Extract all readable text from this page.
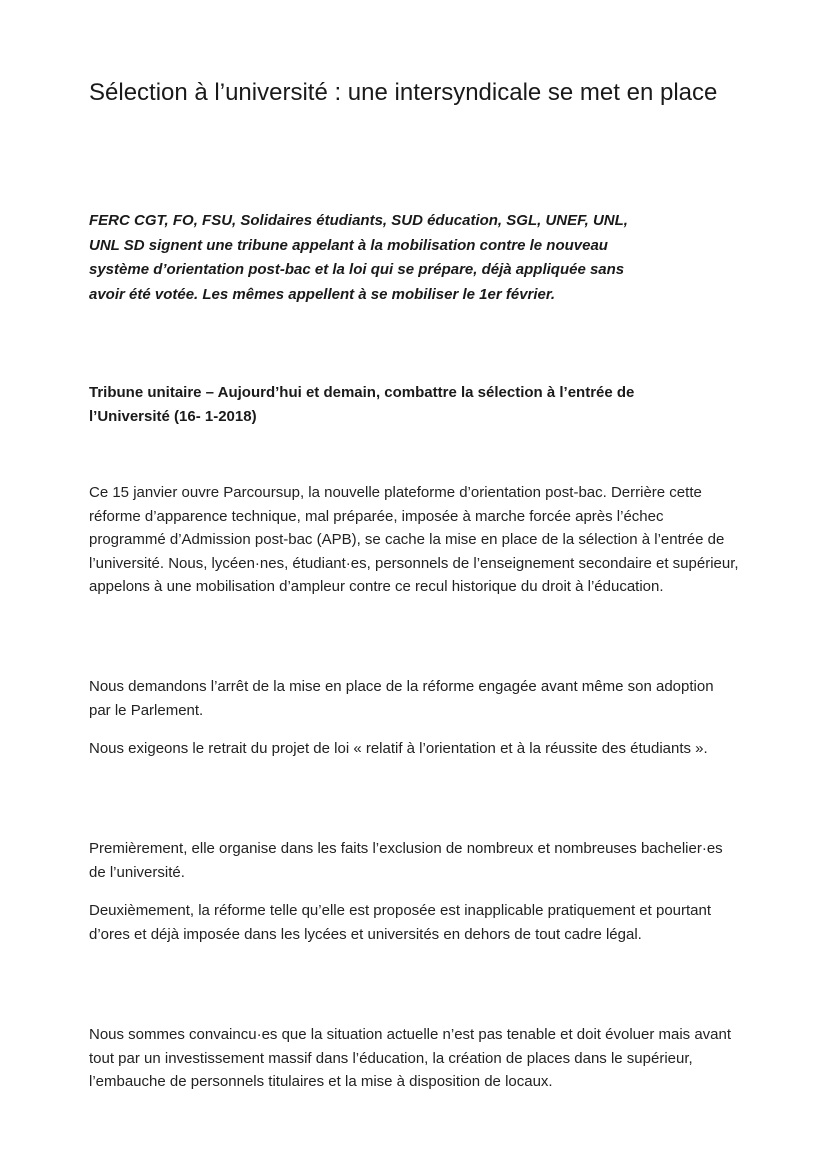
Sélection à l’université : une intersyndicale se met en place

FERC CGT, FO, FSU, Solidaires étudiants, SUD éducation, SGL, UNEF, UNL, UNL SD signent une tribune appelant à la mobilisation contre le nouveau système d’orientation post-bac et la loi qui se prépare, déjà appliquée sans avoir été votée. Les mêmes appellent à se mobiliser le 1er février.

Tribune unitaire – Aujourd’hui et demain, combattre la sélection à l’entrée de l’Université (16- 1-2018)

Ce 15 janvier ouvre Parcoursup, la nouvelle plateforme d’orientation post-bac. Derrière cette réforme d’apparence technique, mal préparée, imposée à marche forcée après l’échec programmé d’Admission post-bac (APB), se cache la mise en place de la sélection à l’entrée de l’université. Nous, lycéen·nes, étudiant·es, personnels de l’enseignement secondaire et supérieur, appelons à une mobilisation d’ampleur contre ce recul historique du droit à l’éducation.

Nous demandons l’arrêt de la mise en place de la réforme engagée avant même son adoption par le Parlement.

Nous exigeons le retrait du projet de loi « relatif à l’orientation et à la réussite des étudiants ».

Premièrement, elle organise dans les faits l’exclusion de nombreux et nombreuses bachelier·es de l’université.

Deuxièmement, la réforme telle qu’elle est proposée est inapplicable pratiquement et pourtant d’ores et déjà imposée dans les lycées et universités en dehors de tout cadre légal.

Nous sommes convaincu·es que la situation actuelle n’est pas tenable et doit évoluer mais avant tout par un investissement massif dans l’éducation, la création de places dans le supérieur, l’embauche de personnels titulaires et la mise à disposition de locaux.
